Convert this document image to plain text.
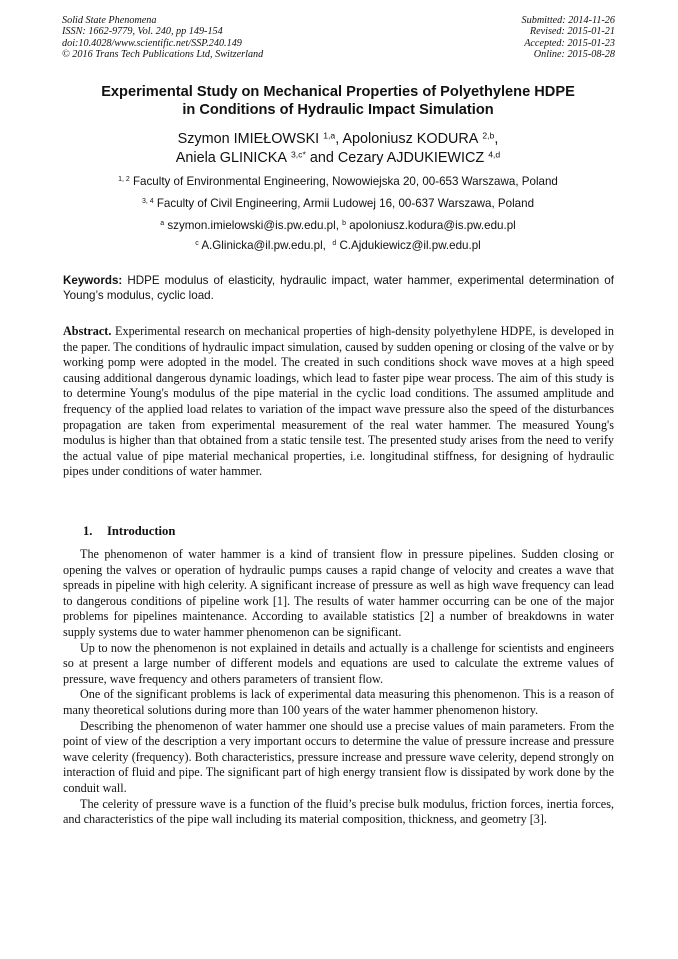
Solid State Phenomena
ISSN: 1662-9779, Vol. 240, pp 149-154
doi:10.4028/www.scientific.net/SSP.240.149
© 2016 Trans Tech Publications Ltd, Switzerland
Submitted: 2014-11-26
Revised: 2015-01-21
Accepted: 2015-01-23
Online: 2015-08-28
Experimental Study on Mechanical Properties of Polyethylene HDPE
in Conditions of Hydraulic Impact Simulation
Szymon IMIEŁOWSKI $^{1,a}$, Apoloniusz KODURA $^{2,b}$,
Aniela GLINICKA $^{3,c*}$ and Cezary AJDUKIEWICZ $^{4,d}$
$^{1, 2}$ Faculty of Environmental Engineering, Nowowiejska 20, 00-653 Warszawa, Poland
$^{3, 4}$ Faculty of Civil Engineering, Armii Ludowej 16, 00-637 Warszawa, Poland
$^a$ szymon.imielowski@is.pw.edu.pl, $^b$ apoloniusz.kodura@is.pw.edu.pl
$^c$ A.Glinicka@il.pw.edu.pl, $^d$ C.Ajdukiewicz@il.pw.edu.pl
Keywords: HDPE modulus of elasticity, hydraulic impact, water hammer, experimental determination of Young’s modulus, cyclic load.
Abstract. Experimental research on mechanical properties of high-density polyethylene HDPE, is developed in the paper. The conditions of hydraulic impact simulation, caused by sudden opening or closing of the valve or by working pomp were adopted in the model. The created in such conditions shock wave moves at a high speed causing additional dangerous dynamic loadings, which lead to faster pipe wear process. The aim of this study is to determine Young's modulus of the pipe material in the cyclic load conditions. The assumed amplitude and frequency of the applied load relates to variation of the impact wave pressure also the speed of the disturbances propagation are taken from experimental measurement of the real water hammer. The measured Young's modulus is higher than that obtained from a static tensile test. The presented study arises from the need to verify the actual value of pipe material mechanical properties, i.e. longitudinal stiffness, for designing of hydraulic pipes under conditions of water hammer.
1. Introduction

The phenomenon of water hammer is a kind of transient flow in pressure pipelines. Sudden closing or opening the valves or operation of hydraulic pumps causes a rapid change of velocity and creates a wave that spreads in pipeline with high celerity. A significant increase of pressure as well as high wave frequency can lead to dangerous conditions of pipeline work [1]. The results of water hammer occurring can be one of the major problems for pipelines maintenance. According to available statistics [2] a number of breakdowns in water supply systems due to water hammer phenomenon can be significant.

Up to now the phenomenon is not explained in details and actually is a challenge for scientists and engineers so at present a large number of different models and equations are used to calculate the extreme values of pressure, wave frequency and others parameters of transient flow.

One of the significant problems is lack of experimental data measuring this phenomenon. This is a reason of many theoretical solutions during more than 100 years of the water hammer phenomenon history.

Describing the phenomenon of water hammer one should use a precise values of main parameters. From the point of view of the description a very important occurs to determine the value of pressure increase and pressure wave celerity (frequency). Both characteristics, pressure increase and pressure wave celerity, depend strongly on interaction of fluid and pipe. The significant part of high energy transient flow is dissipated by work done by the conduit wall.

The celerity of pressure wave is a function of the fluid’s precise bulk modulus, friction forces, inertia forces, and characteristics of the pipe wall including its material composition, thickness, and geometry [3].
